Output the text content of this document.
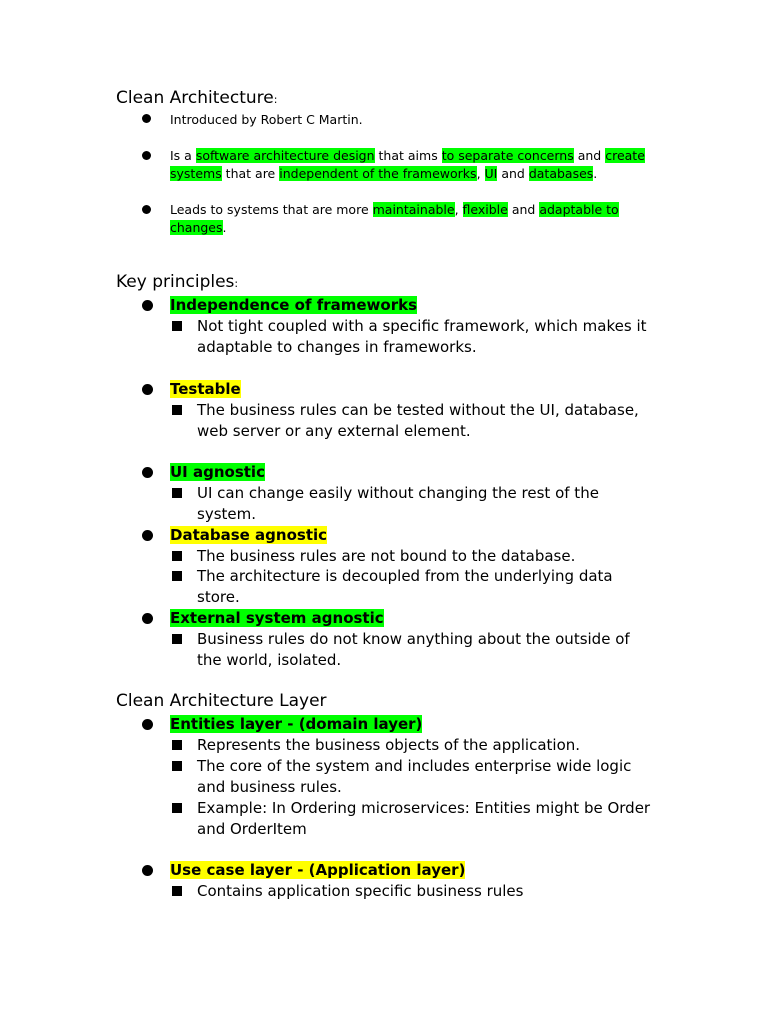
Clean Architecture:
Introduced by Robert C Martin.
Is a software architecture design that aims to separate concerns and create systems that are independent of the frameworks, UI and databases.
Leads to systems that are more maintainable, flexible and adaptable to changes.
Key principles:
Independence of frameworks
Not tight coupled with a specific framework, which makes it adaptable to changes in frameworks.
Testable
The business rules can be tested without the UI, database, web server or any external element.
UI agnostic
UI can change easily without changing the rest of the system.
Database agnostic
The business rules are not bound to the database.
The architecture is decoupled from the underlying data store.
External system agnostic
Business rules do not know anything about the outside of the world, isolated.
Clean Architecture Layer
Entities layer - (domain layer)
Represents the business objects of the application.
The core of the system and includes enterprise wide logic and business rules.
Example: In Ordering microservices: Entities might be Order and OrderItem
Use case layer - (Application layer)
Contains application specific business rules
